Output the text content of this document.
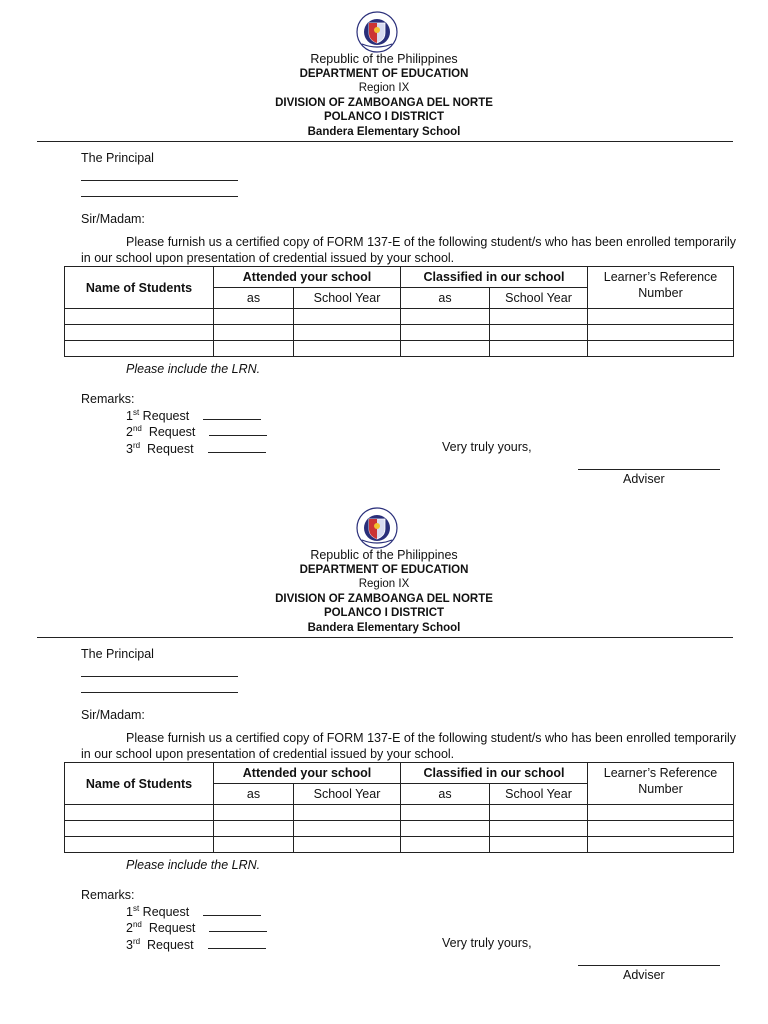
Republic of the Philippines
DEPARTMENT OF EDUCATION
Region IX
DIVISION OF ZAMBOANGA DEL NORTE
POLANCO I DISTRICT
Bandera Elementary School
The Principal
Sir/Madam:
Please furnish us a certified copy of FORM 137-E of the following student/s who has been enrolled temporarily in our school upon presentation of credential issued by your school.
Name of Students	Attended your school		Classified in our school		Learner’s Reference Number
	as	School Year	as	School Year	

Please include the LRN.
Remarks:
1st Request
2nd Request
3rd Request	Very truly yours,
Adviser
Republic of the Philippines
DEPARTMENT OF EDUCATION
Region IX
DIVISION OF ZAMBOANGA DEL NORTE
POLANCO I DISTRICT
Bandera Elementary School
The Principal
Sir/Madam:
Please furnish us a certified copy of FORM 137-E of the following student/s who has been enrolled temporarily in our school upon presentation of credential issued by your school.
Name of Students	Attended your school		Classified in our school		Learner’s Reference Number
	as	School Year	as	School Year	

Please include the LRN.
Remarks:
1st Request
2nd Request
3rd Request	Very truly yours,
Adviser
